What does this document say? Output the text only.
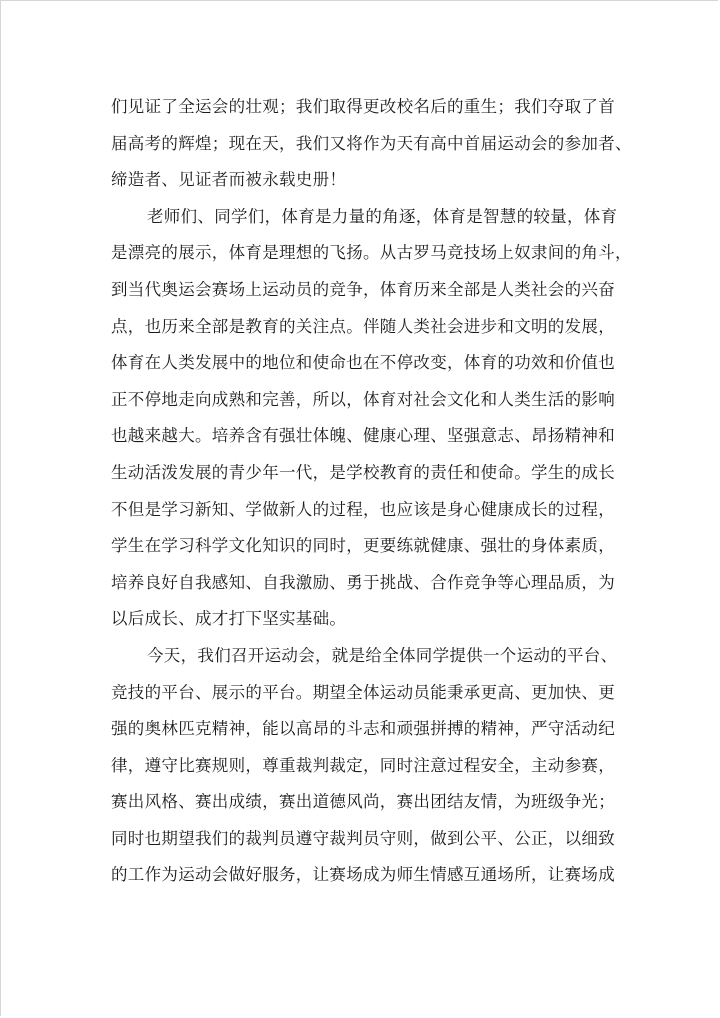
们见证了全运会的壮观；我们取得更改校名后的重生；我们夺取了首
届高考的辉煌；现在天，我们又将作为天有高中首届运动会的参加者、
缔造者、见证者而被永载史册！
老师们、同学们，体育是力量的角逐，体育是智慧的较量，体育
是漂亮的展示，体育是理想的飞扬。从古罗马竞技场上奴隶间的角斗，
到当代奥运会赛场上运动员的竞争，体育历来全部是人类社会的兴奋
点，也历来全部是教育的关注点。伴随人类社会进步和文明的发展，
体育在人类发展中的地位和使命也在不停改变，体育的功效和价值也
正不停地走向成熟和完善，所以，体育对社会文化和人类生活的影响
也越来越大。培养含有强壮体魄、健康心理、坚强意志、昂扬精神和
生动活泼发展的青少年一代，是学校教育的责任和使命。学生的成长
不但是学习新知、学做新人的过程，也应该是身心健康成长的过程，
学生在学习科学文化知识的同时，更要练就健康、强壮的身体素质，
培养良好自我感知、自我激励、勇于挑战、合作竞争等心理品质，为
以后成长、成才打下坚实基础。
今天，我们召开运动会，就是给全体同学提供一个运动的平台、
竞技的平台、展示的平台。期望全体运动员能秉承更高、更加快、更
强的奥林匹克精神，能以高昂的斗志和顽强拼搏的精神，严守活动纪
律，遵守比赛规则，尊重裁判裁定，同时注意过程安全，主动参赛，
赛出风格、赛出成绩，赛出道德风尚，赛出团结友情，为班级争光；
同时也期望我们的裁判员遵守裁判员守则，做到公平、公正，以细致
的工作为运动会做好服务，让赛场成为师生情感互通场所，让赛场成
